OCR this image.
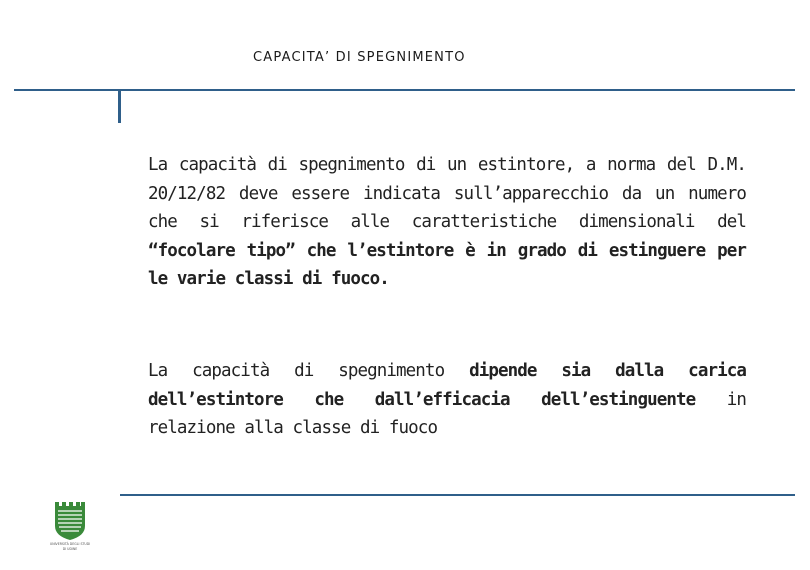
CAPACITA’ DI SPEGNIMENTO

La capacità di spegnimento di un estintore, a norma del D.M. 20/12/82 deve essere indicata sull’apparecchio da un numero che si riferisce alle caratteristiche dimensionali del “focolare tipo” che l’estintore è in grado di estinguere per le varie classi di fuoco.

La capacità di spegnimento dipende sia dalla carica dell’estintore che dall’efficacia dell’estinguente in relazione alla classe di fuoco

UNIVERSITÀ DEGLI STUDI
DI UDINE
